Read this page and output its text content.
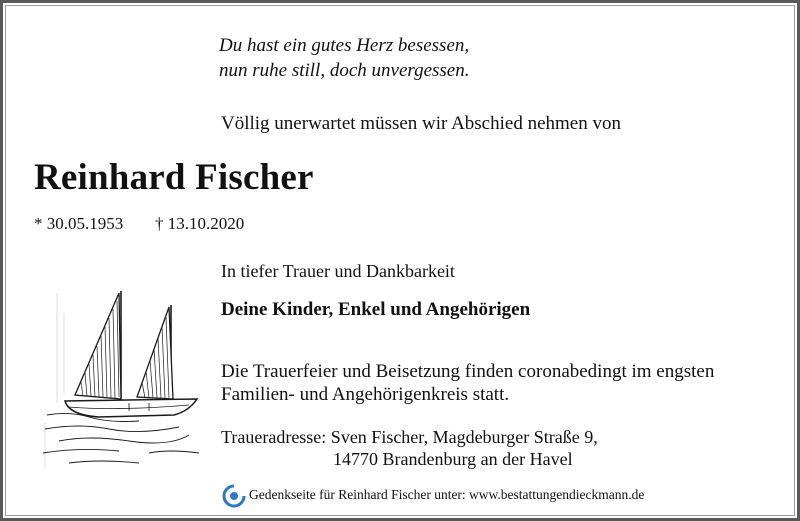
Du hast ein gutes Herz besessen,
nun ruhe still, doch unvergessen.
Völlig unerwartet müssen wir Abschied nehmen von
Reinhard Fischer
* 30.05.1953 † 13.10.2020
In tiefer Trauer und Dankbarkeit
Deine Kinder, Enkel und Angehörigen
Die Trauerfeier und Beisetzung finden coronabedingt im engsten
Familien- und Angehörigenkreis statt.
Traueradresse: Sven Fischer, Magdeburger Straße 9,
14770 Brandenburg an der Havel
Gedenkseite für Reinhard Fischer unter: www.bestattungendieckmann.de
